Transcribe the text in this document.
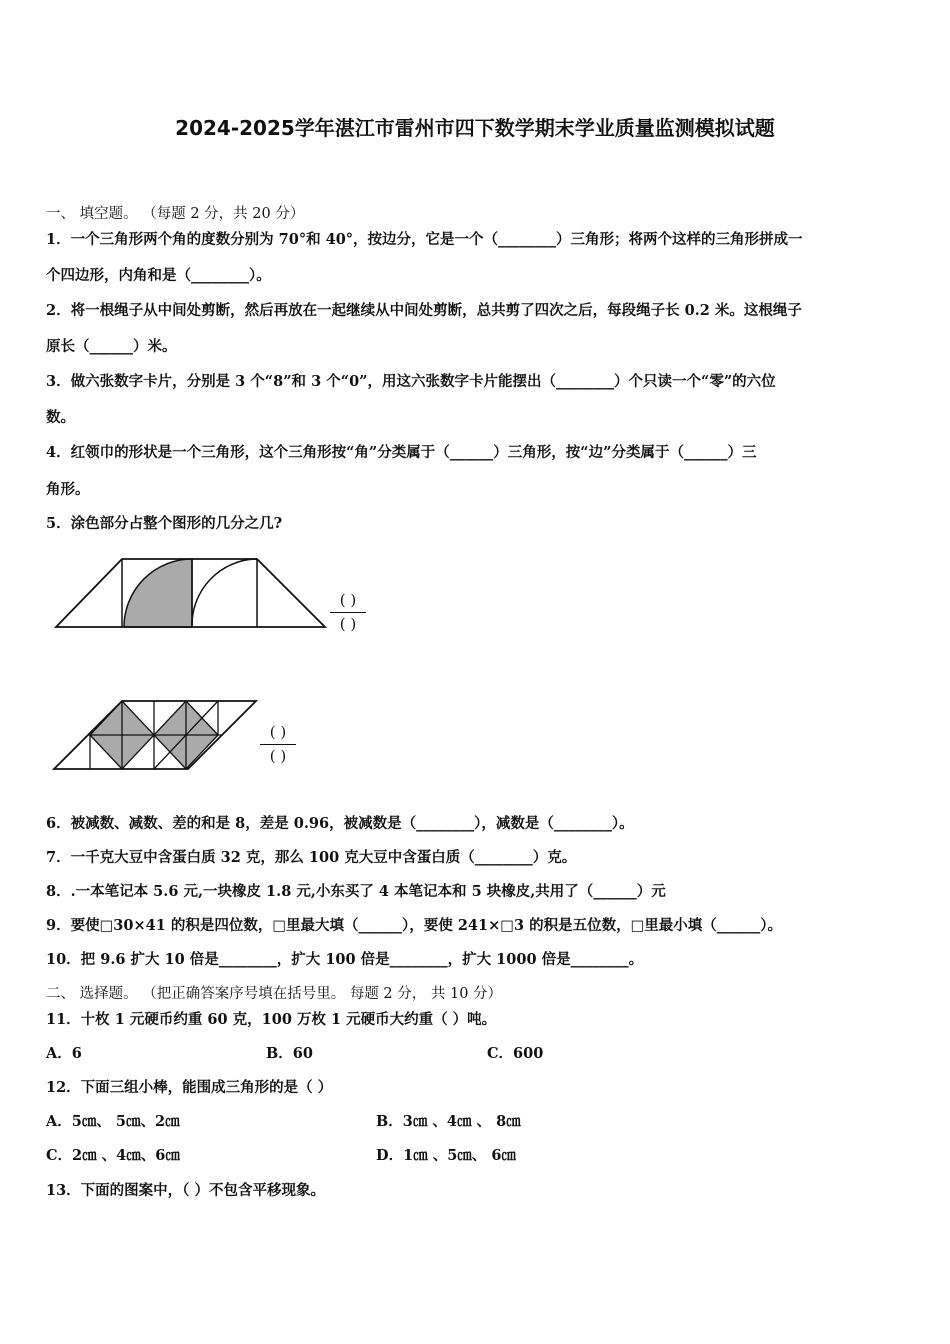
2024-2025学年湛江市雷州市四下数学期末学业质量监测模拟试题
一、 填空题。 （每题 2 分，共 20 分）
1．一个三角形两个角的度数分别为 70°和 40°，按边分，它是一个（________）三角形；将两个这样的三角形拼成一
个四边形，内角和是（________）。
2．将一根绳子从中间处剪断，然后再放在一起继续从中间处剪断，总共剪了四次之后，每段绳子长 0.2 米。这根绳子
原长（______）米。
3．做六张数字卡片，分别是 3 个“8”和 3 个“0”，用这六张数字卡片能摆出（________）个只读一个“零”的六位
数。
4．红领巾的形状是一个三角形，这个三角形按“角”分类属于（______）三角形，按“边”分类属于（______）三
角形。
5．涂色部分占整个图形的几分之几?
( )
( )
( )
( )
6．被减数、减数、差的和是 8，差是 0.96，被减数是（________），减数是（________）。
7．一千克大豆中含蛋白质 32 克，那么 100 克大豆中含蛋白质（________）克。
8．.一本笔记本 5.6 元,一块橡皮 1.8 元,小东买了 4 本笔记本和 5 块橡皮,共用了（______）元
9．要使□30×41 的积是四位数，□里最大填（______），要使 241×□3 的积是五位数，□里最小填（______）。
10．把 9.6 扩大 10 倍是________，扩大 100 倍是________，扩大 1000 倍是________。
二、 选择题。 （把正确答案序号填在括号里。 每题 2 分， 共 10 分）
11．十枚 1 元硬币约重 60 克，100 万枚 1 元硬币大约重（ ）吨。
A．6	B．60	C．600
12．下面三组小棒，能围成三角形的是（ ）
A．5㎝、 5㎝、2㎝	B．3㎝ 、4㎝ 、 8㎝
C．2㎝ 、4㎝、6㎝	D．1㎝ 、5㎝、 6㎝
13．下面的图案中，（ ）不包含平移现象。
